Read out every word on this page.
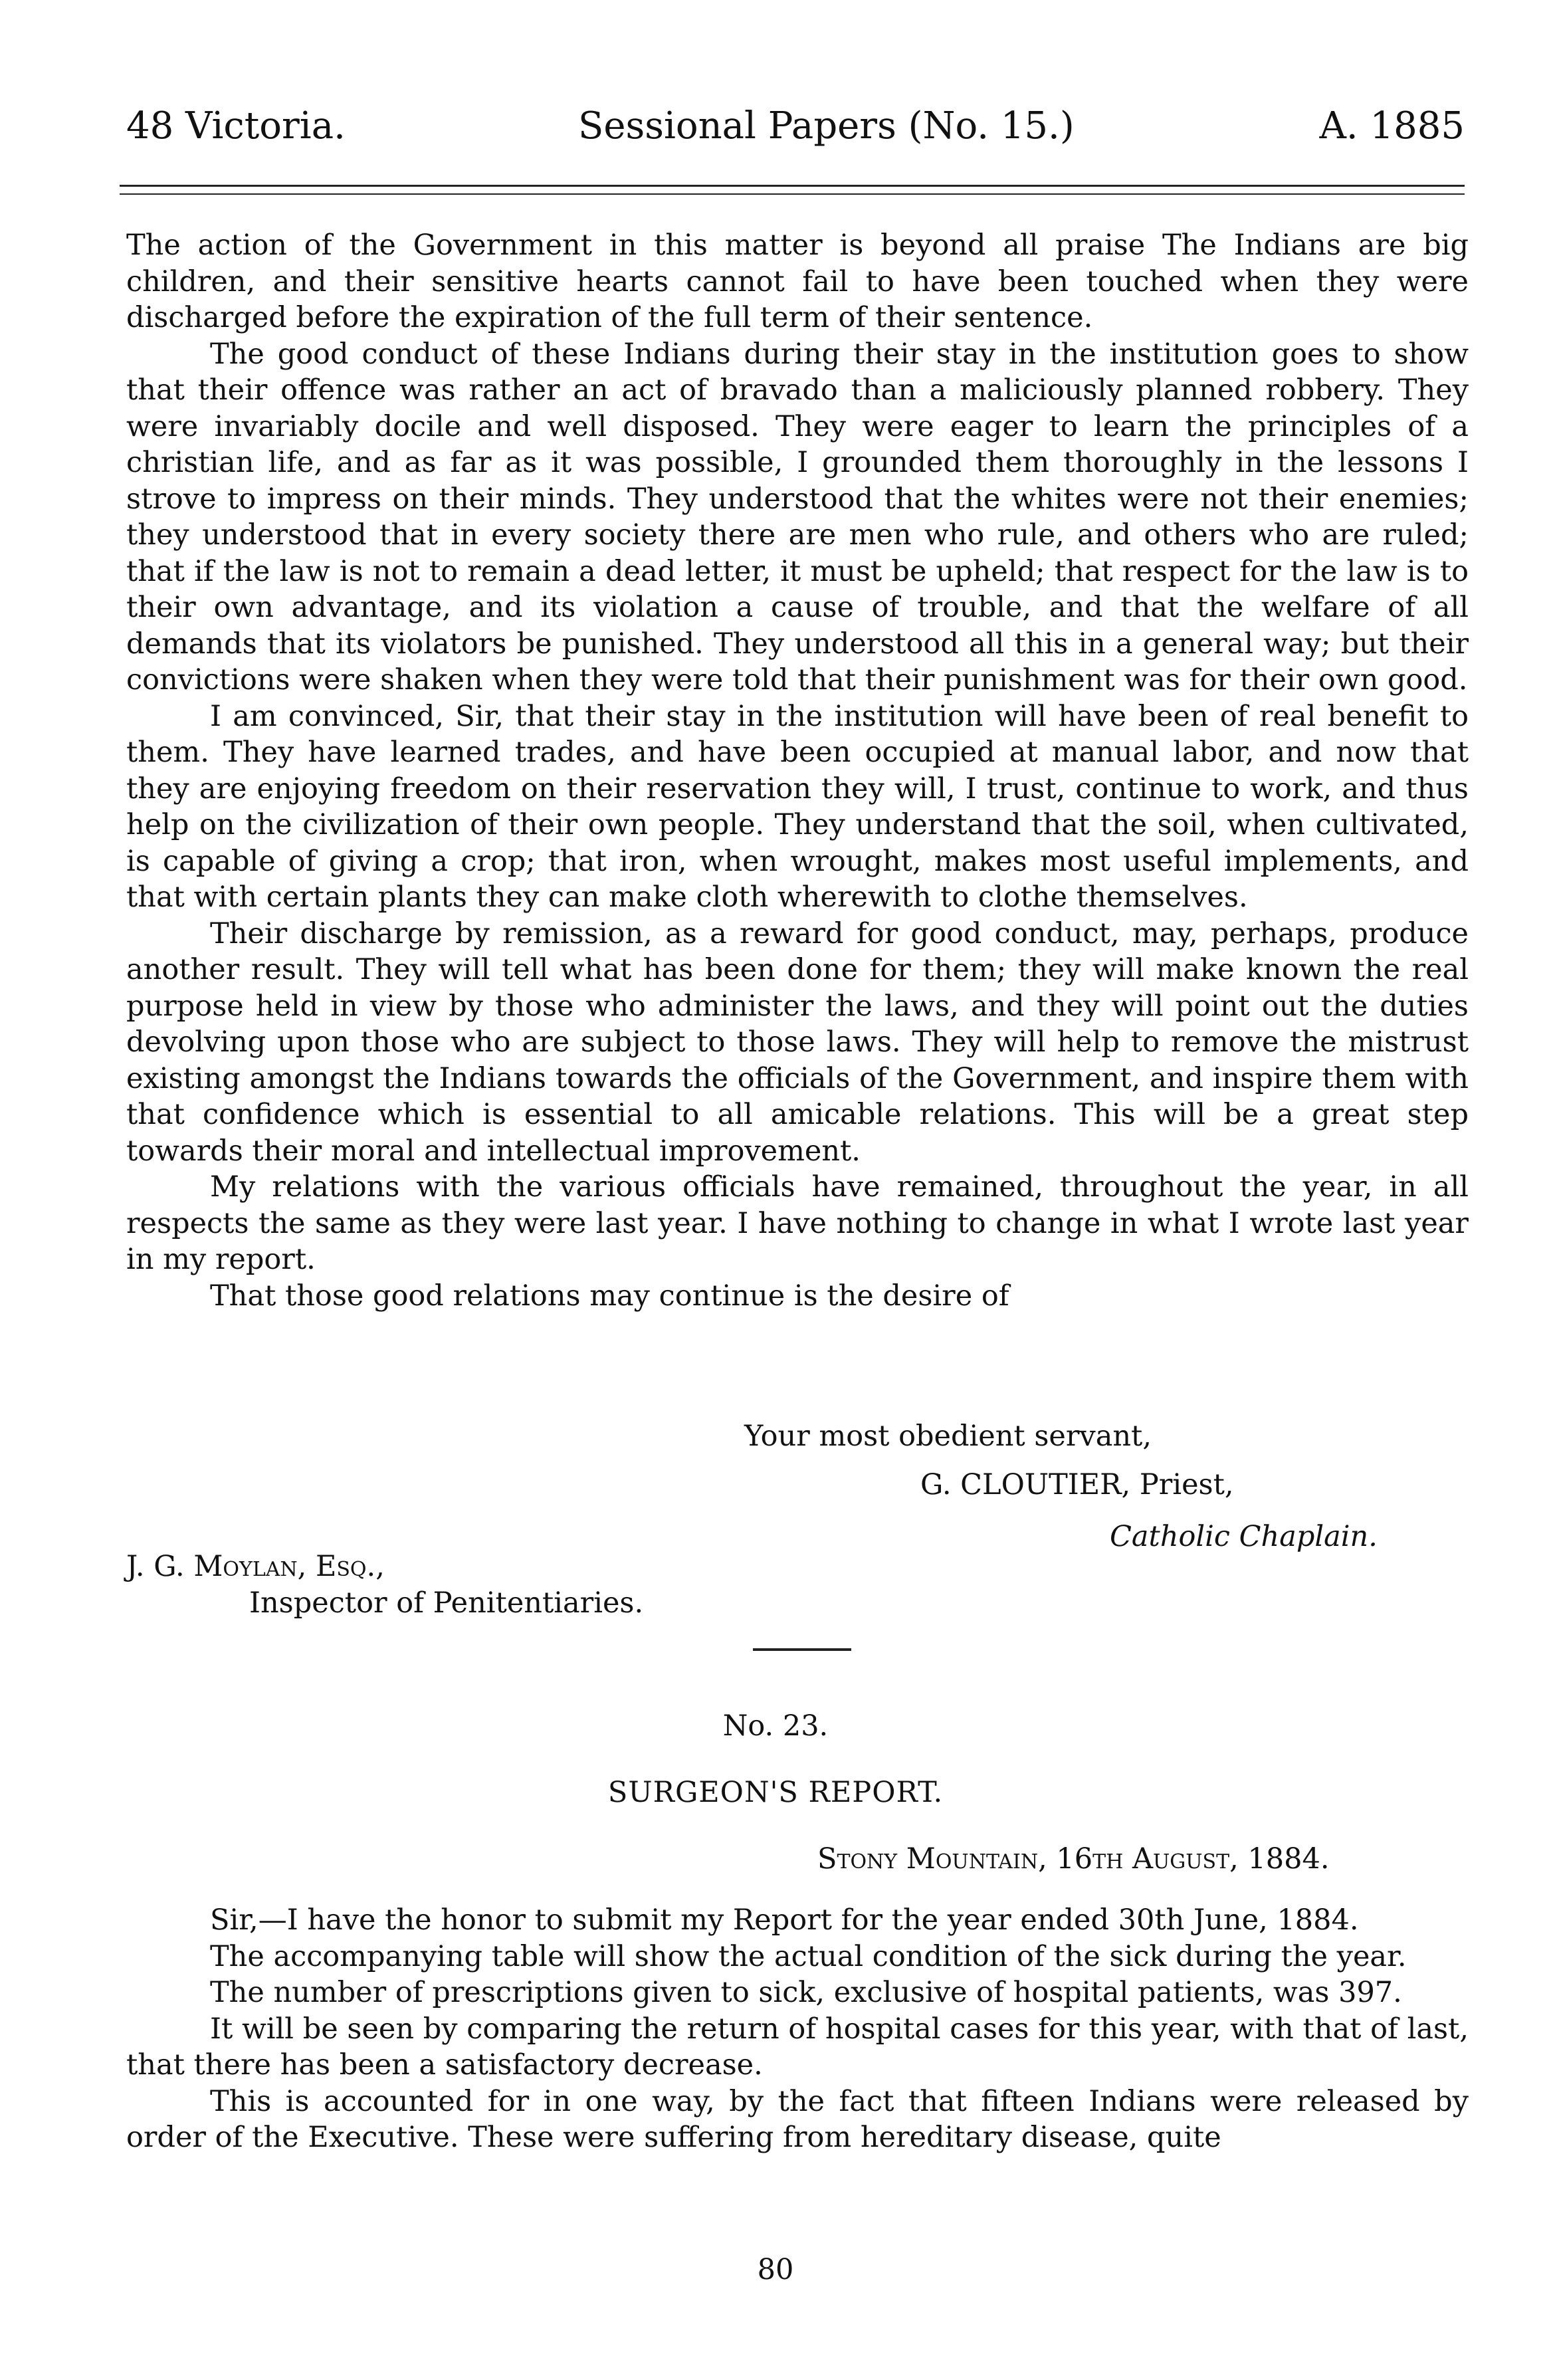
48 Victoria.	Sessional Papers (No. 15.)	A. 1885

The action of the Government in this matter is beyond all praise The Indians are big children, and their sensitive hearts cannot fail to have been touched when they were discharged before the expiration of the full term of their sentence.

The good conduct of these Indians during their stay in the institution goes to show that their offence was rather an act of bravado than a maliciously planned robbery. They were invariably docile and well disposed. They were eager to learn the principles of a christian life, and as far as it was possible, I grounded them thoroughly in the lessons I strove to impress on their minds. They understood that the whites were not their enemies; they understood that in every society there are men who rule, and others who are ruled; that if the law is not to remain a dead letter, it must be upheld; that respect for the law is to their own advantage, and its violation a cause of trouble, and that the welfare of all demands that its violators be punished. They understood all this in a general way; but their convictions were shaken when they were told that their punishment was for their own good.

I am convinced, Sir, that their stay in the institution will have been of real benefit to them. They have learned trades, and have been occupied at manual labor, and now that they are enjoying freedom on their reservation they will, I trust, continue to work, and thus help on the civilization of their own people. They understand that the soil, when cultivated, is capable of giving a crop; that iron, when wrought, makes most useful implements, and that with certain plants they can make cloth wherewith to clothe themselves.

Their discharge by remission, as a reward for good conduct, may, perhaps, produce another result. They will tell what has been done for them; they will make known the real purpose held in view by those who administer the laws, and they will point out the duties devolving upon those who are subject to those laws. They will help to remove the mistrust existing amongst the Indians towards the officials of the Government, and inspire them with that confidence which is essential to all amicable relations. This will be a great step towards their moral and intellectual improvement.

My relations with the various officials have remained, throughout the year, in all respects the same as they were last year. I have nothing to change in what I wrote last year in my report.

That those good relations may continue is the desire of

Your most obedient servant,
G. CLOUTIER, Priest,
Catholic Chaplain.
J. G. Moylan, Esq.,
Inspector of Penitentiaries.
No. 23.
SURGEON'S REPORT.
Stony Mountain, 16th August, 1884.

Sir,—I have the honor to submit my Report for the year ended 30th June, 1884.

The accompanying table will show the actual condition of the sick during the year.

The number of prescriptions given to sick, exclusive of hospital patients, was 397.

It will be seen by comparing the return of hospital cases for this year, with that of last, that there has been a satisfactory decrease.

This is accounted for in one way, by the fact that fifteen Indians were released by order of the Executive. These were suffering from hereditary disease, quite

80
